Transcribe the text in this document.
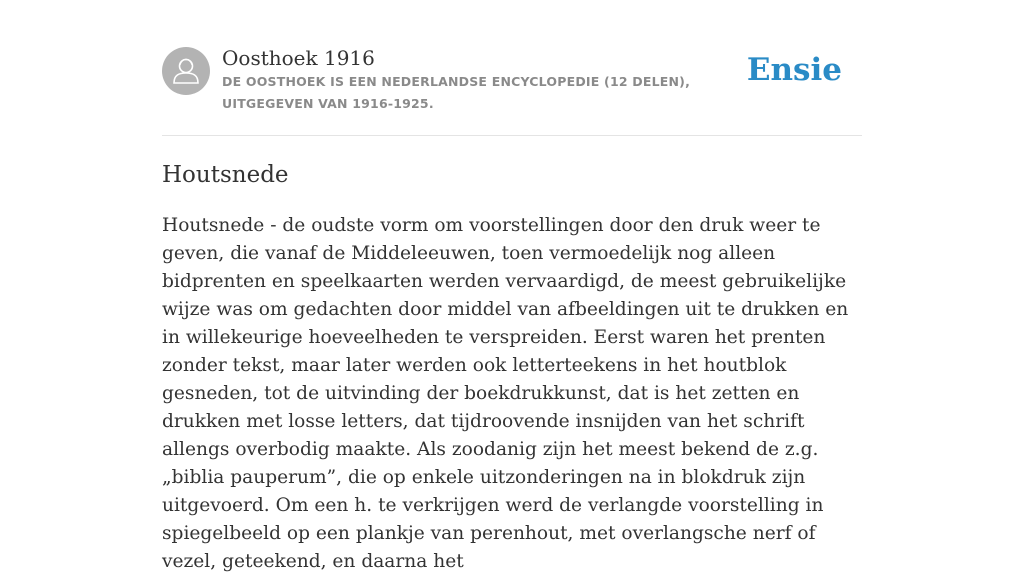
Oosthoek 1916
DE OOSTHOEK IS EEN NEDERLANDSE ENCYCLOPEDIE (12 DELEN), UITGEGEVEN VAN 1916-1925.
Ensie
Houtsnede

Houtsnede - de oudste vorm om voorstellingen door den druk weer te geven, die vanaf de Middeleeuwen, toen vermoedelijk nog alleen bidprenten en speelkaarten werden vervaardigd, de meest gebruikelijke wijze was om gedachten door middel van afbeeldingen uit te drukken en in willekeurige hoeveelheden te verspreiden. Eerst waren het prenten zonder tekst, maar later werden ook letterteekens in het houtblok gesneden, tot de uitvinding der boekdrukkunst, dat is het zetten en drukken met losse letters, dat tijdroovende insnijden van het schrift allengs overbodig maakte. Als zoodanig zijn het meest bekend de z.g. „biblia pauperum”, die op enkele uitzonderingen na in blokdruk zijn uitgevoerd. Om een h. te verkrijgen werd de verlangde voorstelling in spiegelbeeld op een plankje van perenhout, met overlangsche nerf of vezel, geteekend, en daarna het
